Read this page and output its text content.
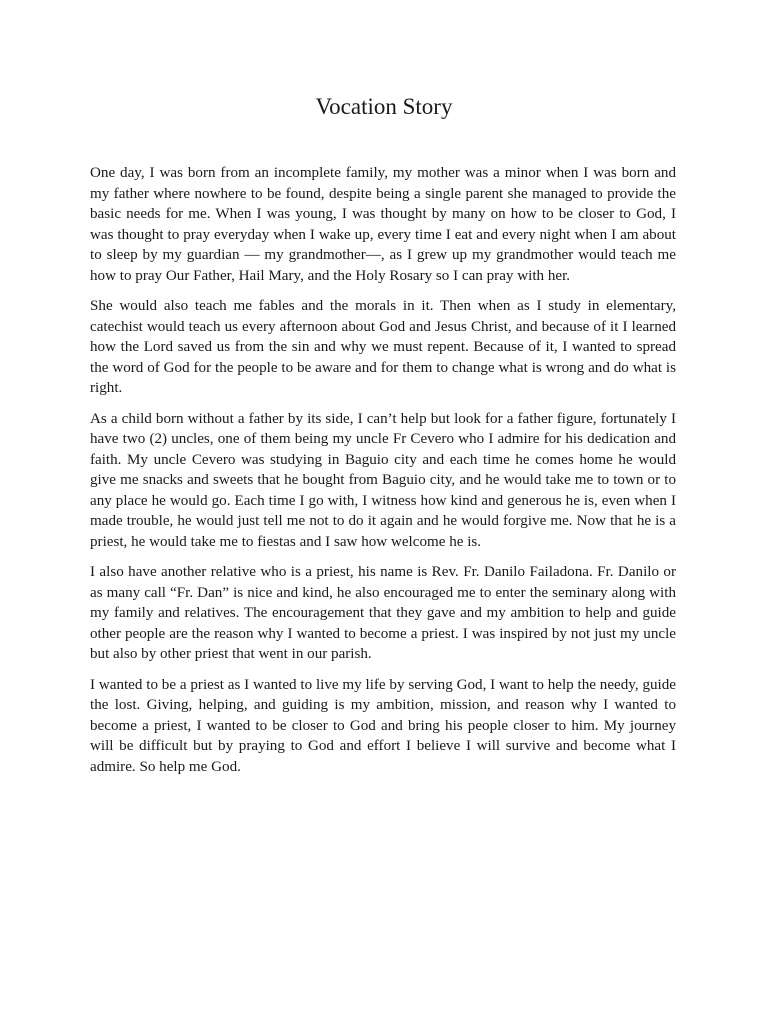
Vocation Story

One day, I was born from an incomplete family, my mother was a minor when I was born and my father where nowhere to be found, despite being a single parent she managed to provide the basic needs for me. When I was young, I was thought by many on how to be closer to God, I was thought to pray everyday when I wake up, every time I eat and every night when I am about to sleep by my guardian — my grandmother—, as I grew up my grandmother would teach me how to pray Our Father, Hail Mary, and the Holy Rosary so I can pray with her.

She would also teach me fables and the morals in it. Then when as I study in elementary, catechist would teach us every afternoon about God and Jesus Christ, and because of it I learned how the Lord saved us from the sin and why we must repent. Because of it, I wanted to spread the word of God for the people to be aware and for them to change what is wrong and do what is right.

As a child born without a father by its side, I can’t help but look for a father figure, fortunately I have two (2) uncles, one of them being my uncle Fr Cevero who I admire for his dedication and faith. My uncle Cevero was studying in Baguio city and each time he comes home he would give me snacks and sweets that he bought from Baguio city, and he would take me to town or to any place he would go. Each time I go with, I witness how kind and generous he is, even when I made trouble, he would just tell me not to do it again and he would forgive me. Now that he is a priest, he would take me to fiestas and I saw how welcome he is.

I also have another relative who is a priest, his name is Rev. Fr. Danilo Failadona. Fr. Danilo or as many call “Fr. Dan” is nice and kind, he also encouraged me to enter the seminary along with my family and relatives. The encouragement that they gave and my ambition to help and guide other people are the reason why I wanted to become a priest. I was inspired by not just my uncle but also by other priest that went in our parish.

I wanted to be a priest as I wanted to live my life by serving God, I want to help the needy, guide the lost. Giving, helping, and guiding is my ambition, mission, and reason why I wanted to become a priest, I wanted to be closer to God and bring his people closer to him. My journey will be difficult but by praying to God and effort I believe I will survive and become what I admire. So help me God.
